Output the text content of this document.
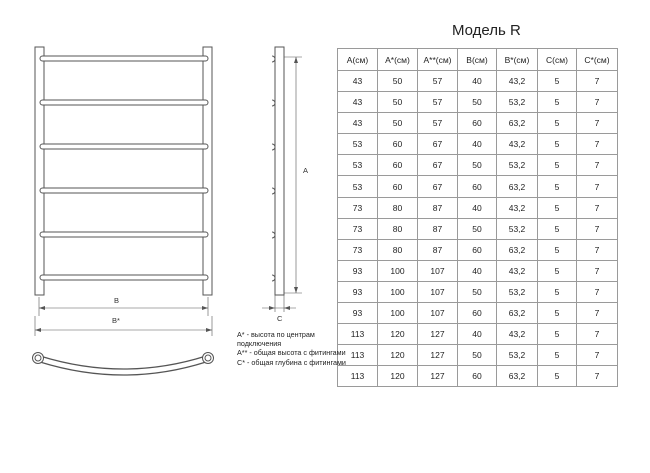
B
B*
A
C
Модель R
A(см)	A*(см)	A**(см)	B(см)	B*(см)	C(см)	C*(см)
43	50	57	40	43,2	5	7
43	50	57	50	53,2	5	7
43	50	57	60	63,2	5	7
53	60	67	40	43,2	5	7
53	60	67	50	53,2	5	7
53	60	67	60	63,2	5	7
73	80	87	40	43,2	5	7
73	80	87	50	53,2	5	7
73	80	87	60	63,2	5	7
93	100	107	40	43,2	5	7
93	100	107	50	53,2	5	7
93	100	107	60	63,2	5	7
113	120	127	40	43,2	5	7
113	120	127	50	53,2	5	7
113	120	127	60	63,2	5	7
A* - высота по центрам подключения
A** - общая высота с фитингами
C* - общая глубина с фитингами
